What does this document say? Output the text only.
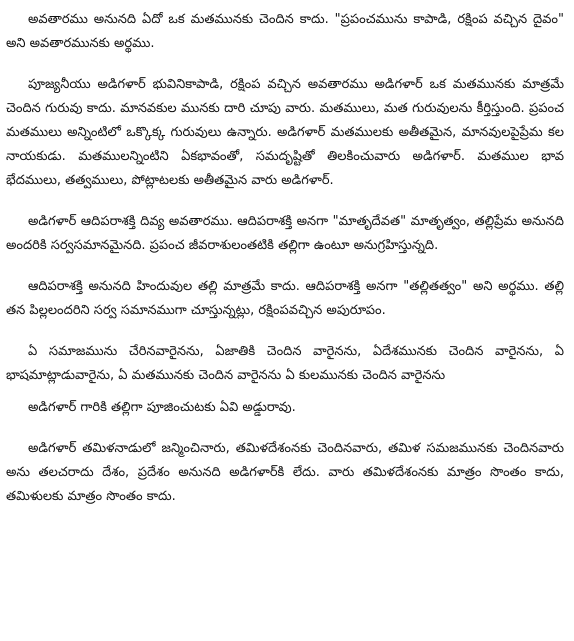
అవతారము అనునది ఏదో ఒక మతమునకు చెందిన కాదు. "ప్రపంచమును కాపాడి, రక్షింప వచ్చిన దైవం" అని అవతారమునకు అర్థము.

పూజ్యనీయు అడిగళార్ భువినికాపాడి, రక్షింప వచ్చిన అవతారము అడిగళార్ ఒక మతమునకు మాత్రమే చెందిన గురువు కాదు. మానవకుల మునకు దారి చూపు వారు. మతములు, మత గురువులను కీర్తిస్తుంది. ప్రపంచ మతములు అన్నింటిలో ఒక్కొక్క గురువులు ఉన్నారు. అడిగళార్ మతములకు అతీతమైన, మానవులపైప్రేమ కల నాయకుడు. మతములన్నింటిని ఏకభావంతో, సమదృష్టితో తిలకించువారు అడిగళార్. మతముల భావ భేదములు, తత్వములు, పోట్లాటలకు అతీతమైన వారు అడిగళార్.

అడిగళార్ ఆదిపరాశక్తి దివ్య అవతారము. ఆదిపరాశక్తి అనగా "మాతృదేవత" మాతృత్వం, తల్లిప్రేమ అనునది అందరికి సర్వసమానమైనది. ప్రపంచ జీవరాశులంతటికి తల్లిగా ఉంటూ అనుగ్రహిస్తున్నది.

ఆదిపరాశక్తి అనునది హిందువుల తల్లి మాత్రమే కాదు. ఆదిపరాశక్తి అనగా "తల్లితత్వం" అని అర్థము. తల్లి తన పిల్లలందరిని సర్వ సమానముగా చూస్తున్నట్లు, రక్షింపవచ్చిన అపురూపం.

ఏ సమాజమును చేరినవారైనను, ఏజాతికి చెందిన వారైనను, ఏదేశమునకు చెందిన వారైనను, ఏ భాషమాట్లాడువారైను, ఏ మతమునకు చెందిన వారైనను ఏ కులమునకు చెందిన వారైనను

అడిగళార్ గారికి తల్లిగా పూజించుటకు ఏవి అడ్డురావు.

అడిగళార్ తమిళనాడులో జన్మించినారు, తమిళదేశంనకు చెందినవారు, తమిళ సమజమునకు చెందినవారు అను తలచరాదు దేశం, ప్రదేశం అనునది అడిగళార్‌కి లేదు. వారు తమిళదేశంనకు మాత్రం సొంతం కాదు, తమిళులకు మాత్రం సొంతం కాదు.
